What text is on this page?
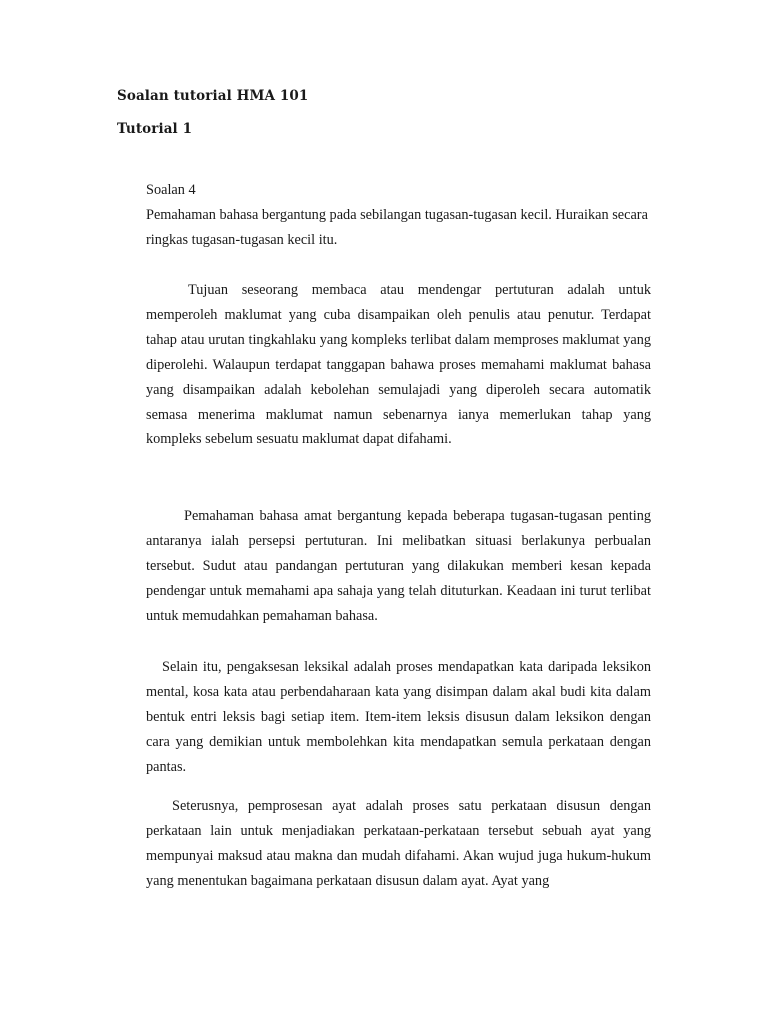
Soalan tutorial HMA 101
Tutorial 1
Soalan 4
Pemahaman bahasa bergantung pada sebilangan tugasan-tugasan kecil. Huraikan secara ringkas tugasan-tugasan kecil itu.

Tujuan seseorang membaca atau mendengar pertuturan adalah untuk memperoleh maklumat yang cuba disampaikan oleh penulis atau penutur. Terdapat tahap atau urutan tingkahlaku yang kompleks terlibat dalam memproses maklumat yang diperolehi. Walaupun terdapat tanggapan bahawa proses memahami maklumat bahasa yang disampaikan adalah kebolehan semulajadi yang diperoleh secara automatik semasa menerima maklumat namun sebenarnya ianya memerlukan tahap yang kompleks sebelum sesuatu maklumat dapat difahami.

Pemahaman bahasa amat bergantung kepada beberapa tugasan-tugasan penting antaranya ialah persepsi pertuturan. Ini melibatkan situasi berlakunya perbualan tersebut. Sudut atau pandangan pertuturan yang dilakukan memberi kesan kepada pendengar untuk memahami apa sahaja yang telah dituturkan. Keadaan ini turut terlibat untuk memudahkan pemahaman bahasa.

Selain itu, pengaksesan leksikal adalah proses mendapatkan kata daripada leksikon mental, kosa kata atau perbendaharaan kata yang disimpan dalam akal budi kita dalam bentuk entri leksis bagi setiap item. Item-item leksis disusun dalam leksikon dengan cara yang demikian untuk membolehkan kita mendapatkan semula perkataan dengan pantas.

Seterusnya, pemprosesan ayat adalah proses satu perkataan disusun dengan perkataan lain untuk menjadiakan perkataan-perkataan tersebut sebuah ayat yang mempunyai maksud atau makna dan mudah difahami. Akan wujud juga hukum-hukum yang menentukan bagaimana perkataan disusun dalam ayat. Ayat yang
